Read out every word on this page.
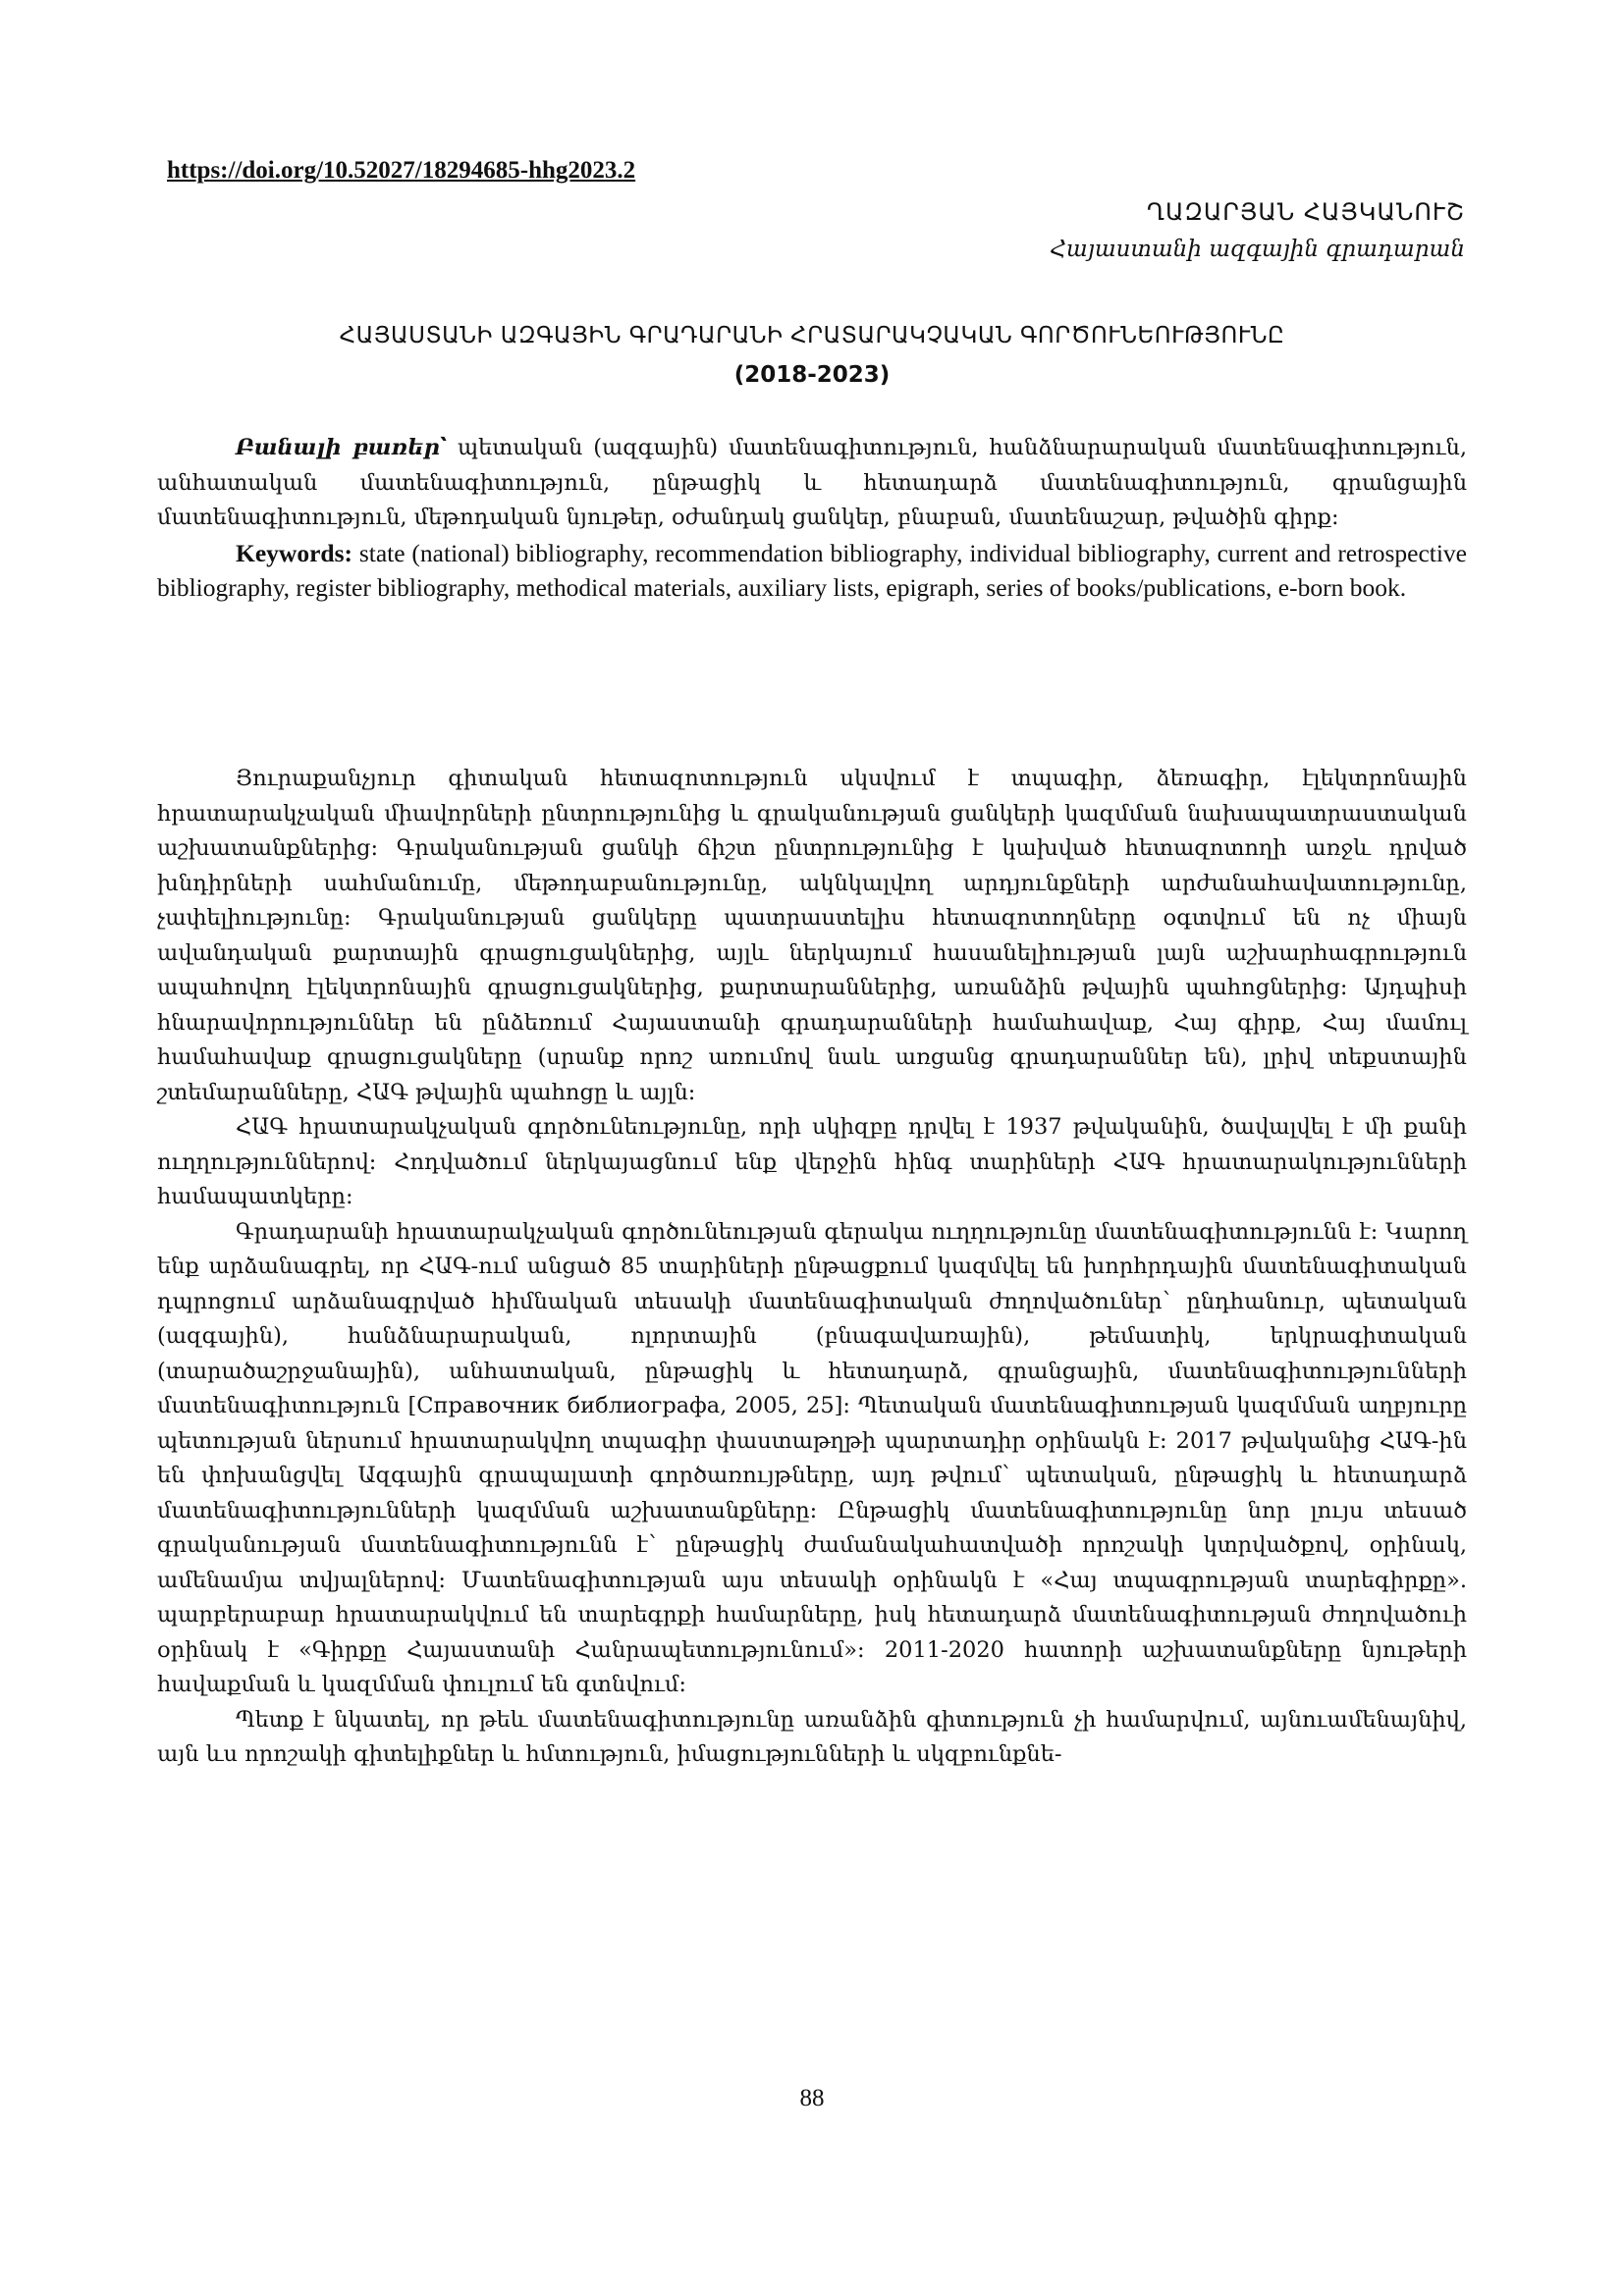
https://doi.org/10.52027/18294685-hhg2023.2
ՂԱԶԱՐՅԱՆ ՀԱՅԿԱՆՈՒՇ
Հայաստանի ազգային գրադարան
ՀԱՅԱՍՏԱՆԻ ԱԶԳԱՅԻՆ ԳՐԱԴԱՐԱՆԻ ՀՐԱՏԱՐԱԿՉԱԿԱՆ ԳՈՐԾՈՒՆԵՈՒԹՅՈՒՆԸ
(2018-2023)

Բանալի բառեր՝ պետական (ազգային) մատենագիտություն, հանձնարարական մատենագիտություն, անհատական մատենագիտություն, ընթացիկ և հետադարձ մատենագիտություն, գրանցային մատենագիտություն, մեթոդական նյութեր, օժանդակ ցանկեր, բնաբան, մատենաշար, թվածին գիրք:

Keywords: state (national) bibliography, recommendation bibliography, individual bibliography, current and retrospective bibliography, register bibliography, methodical materials, auxiliary lists, epigraph, series of books/publications, e-born book.

Յուրաքանչյուր գիտական հետազոտություն սկսվում է տպագիր, ձեռագիր, էլեկտրոնային հրատարակչական միավորների ընտրությունից և գրականության ցանկերի կազմման նախապատրաստական աշխատանքներից: Գրականության ցանկի ճիշտ ընտրությունից է կախված հետազոտողի առջև դրված խնդիրների սահմանումը, մեթոդաբանությունը, ակնկալվող արդյունքների արժանահավատությունը, չափելիությունը: Գրականության ցանկերը պատրաստելիս հետազոտողները օգտվում են ոչ միայն ավանդական քարտային գրացուցակներից, այլև ներկայում հասանելիության լայն աշխարհագրություն ապահովող էլեկտրոնային գրացուցակներից, քարտարաններից, առանձին թվային պահոցներից: Այդպիսի հնարավորություններ են ընձեռում Հայաստանի գրադարանների համահավաք, Հայ գիրք, Հայ մամուլ համահավաք գրացուցակները (սրանք որոշ առումով նաև առցանց գրադարաններ են), լրիվ տեքստային շտեմարանները, ՀԱԳ թվային պահոցը և այլն:

ՀԱԳ հրատարակչական գործունեությունը, որի սկիզբը դրվել է 1937 թվականին, ծավալվել է մի քանի ուղղություններով: Հոդվածում ներկայացնում ենք վերջին հինգ տարիների ՀԱԳ հրատարակությունների համապատկերը:

Գրադարանի հրատարակչական գործունեության գերակա ուղղությունը մատենագիտությունն է: Կարող ենք արձանագրել, որ ՀԱԳ-ում անցած 85 տարիների ընթացքում կազմվել են խորհրդային մատենագիտական դպրոցում արձանագրված հիմնական տեսակի մատենագիտական ժողովածուներ՝ ընդհանուր, պետական (ազգային), հանձնարարական, ոլորտային (բնագավառային), թեմատիկ, երկրագիտական (տարածաշրջանային), անհատական, ընթացիկ և հետադարձ, գրանցային, մատենագիտությունների մատենագիտություն [Справочник библиографа, 2005, 25]: Պետական մատենագիտության կազմման աղբյուրը պետության ներսում հրատարակվող տպագիր փաստաթղթի պարտադիր օրինակն է: 2017 թվականից ՀԱԳ-ին են փոխանցվել Ազգային գրապալատի գործառույթները, այդ թվում՝ պետական, ընթացիկ և հետադարձ մատենագիտությունների կազմման աշխատանքները: Ընթացիկ մատենագիտությունը նոր լույս տեսած գրականության մատենագիտությունն է՝ ընթացիկ ժամանակահատվածի որոշակի կտրվածքով, օրինակ, ամենամյա տվյալներով: Մատենագիտության այս տեսակի օրինակն է «Հայ տպագրության տարեգիրքը». պարբերաբար հրատարակվում են տարեգրքի համարները, իսկ հետադարձ մատենագիտության ժողովածուի օրինակ է «Գիրքը Հայաստանի Հանրապետությունում»: 2011-2020 հատորի աշխատանքները նյութերի հավաքման և կազմման փուլում են գտնվում:

Պետք է նկատել, որ թեև մատենագիտությունը առանձին գիտություն չի համարվում, այնուամենայնիվ, այն ևս որոշակի գիտելիքներ և հմտություն, իմացությունների և սկզբունքնե-

88
